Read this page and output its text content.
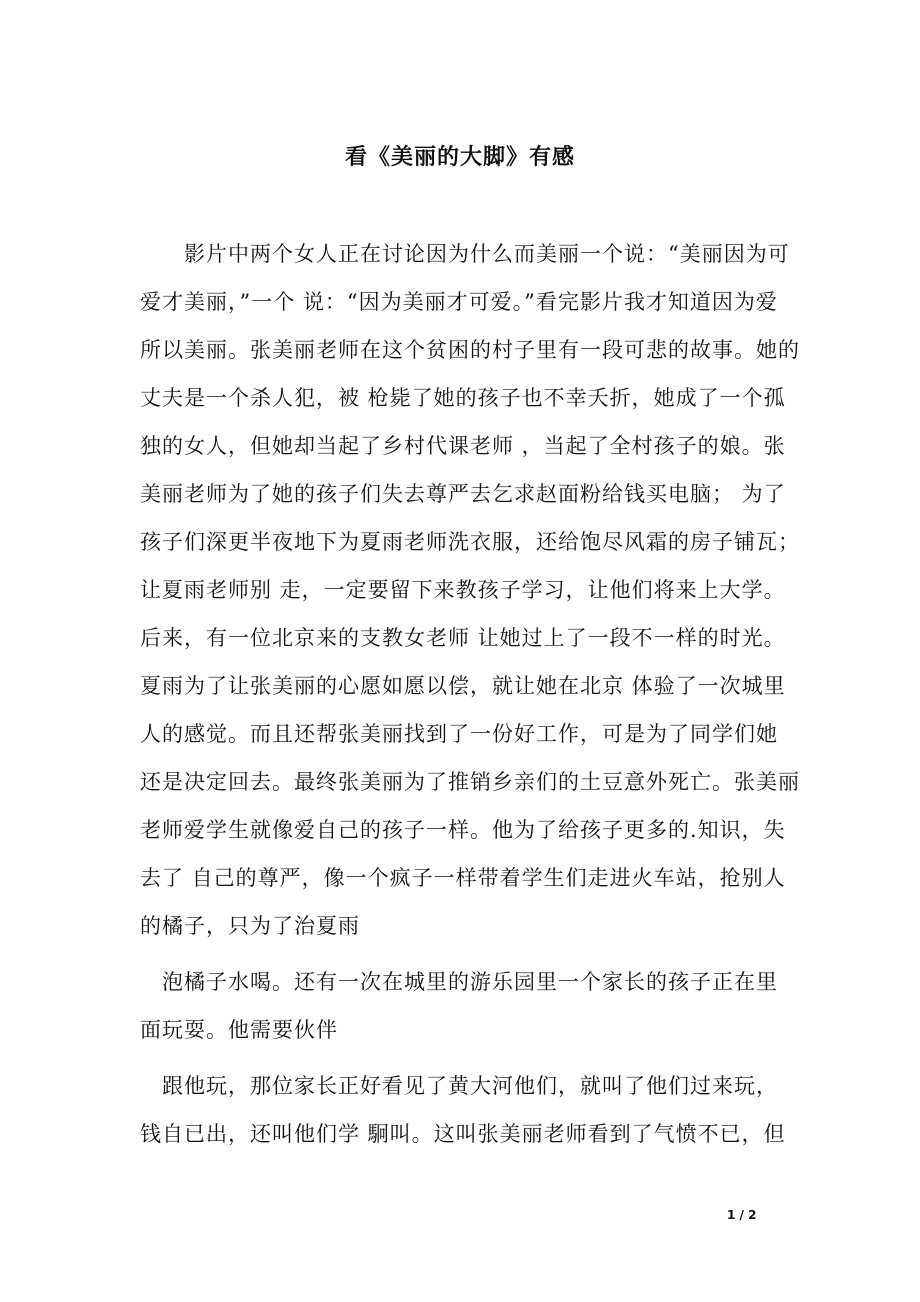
看《美丽的大脚》有感
影片中两个女人正在讨论因为什么而美丽一个说：“美丽因为可
爱才美丽，”一个 说：“因为美丽才可爱。”看完影片我才知道因为爱
所以美丽。张美丽老师在这个贫困的村子里有一段可悲的故事。她的
丈夫是一个杀人犯，被 枪毙了她的孩子也不幸夭折，她成了一个孤
独的女人，但她却当起了乡村代课老师 ，当起了全村孩子的娘。张
美丽老师为了她的孩子们失去尊严去乞求赵面粉给钱买电脑； 为了
孩子们深更半夜地下为夏雨老师洗衣服，还给饱尽风霜的房子铺瓦；
让夏雨老师别 走，一定要留下来教孩子学习，让他们将来上大学。
后来，有一位北京来的支教女老师 让她过上了一段不一样的时光。
夏雨为了让张美丽的心愿如愿以偿，就让她在北京 体验了一次城里
人的感觉。而且还帮张美丽找到了一份好工作，可是为了同学们她
还是决定回去。最终张美丽为了推销乡亲们的土豆意外死亡。张美丽
老师爱学生就像爱自己的孩子一样。他为了给孩子更多的.知识，失
去了 自己的尊严，像一个疯子一样带着学生们走进火车站，抢别人
的橘子，只为了治夏雨
泡橘子水喝。还有一次在城里的游乐园里一个家长的孩子正在里
面玩耍。他需要伙伴
跟他玩，那位家长正好看见了黄大河他们，就叫了他们过来玩，
钱自已出，还叫他们学 駉叫。这叫张美丽老师看到了气愤不已，但
1 / 2
